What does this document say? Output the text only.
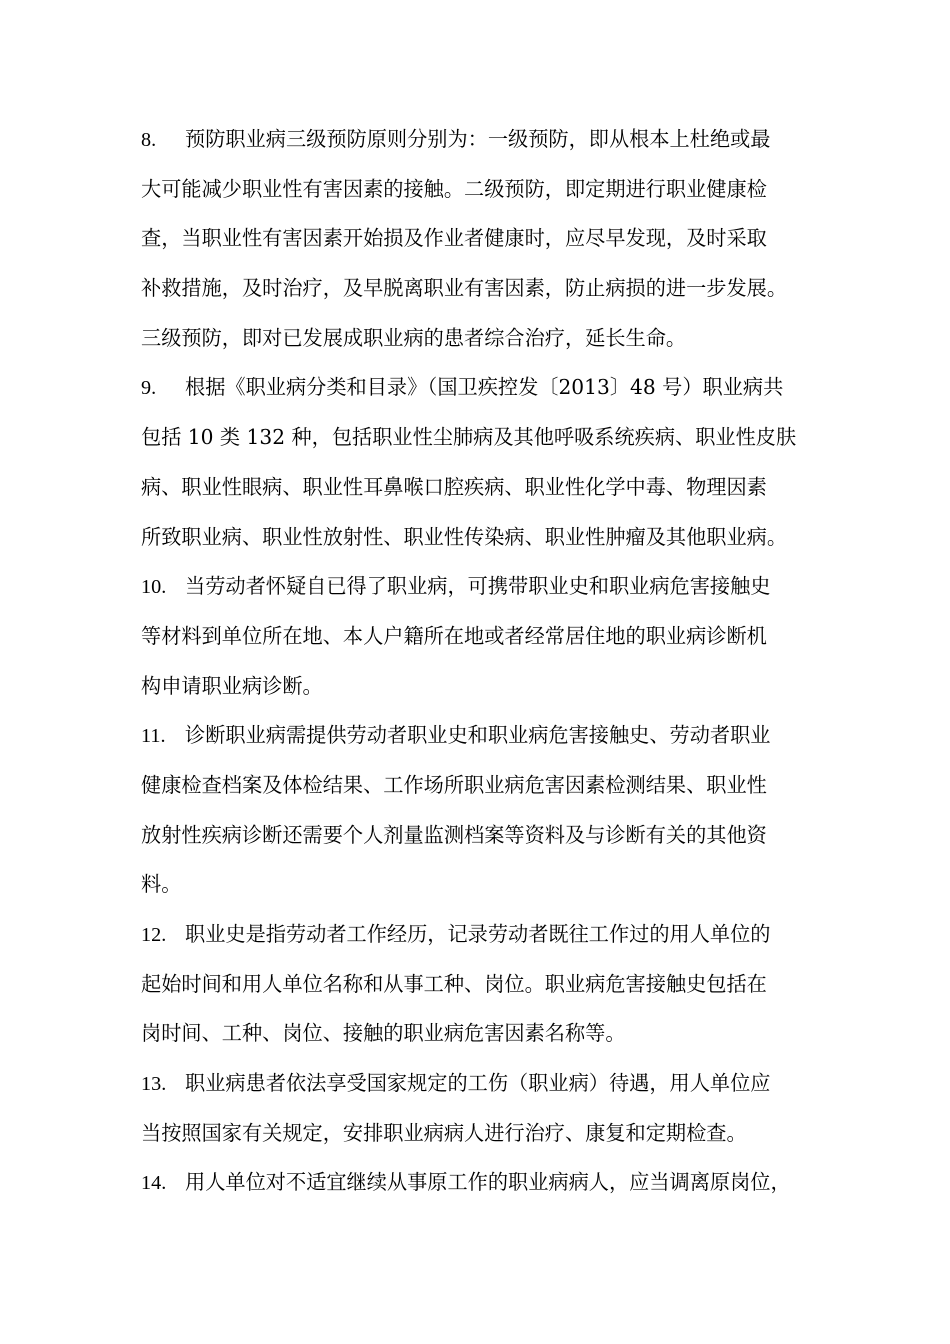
8. 预防职业病三级预防原则分别为：一级预防，即从根本上杜绝或最
大可能减少职业性有害因素的接触。二级预防，即定期进行职业健康检
查，当职业性有害因素开始损及作业者健康时，应尽早发现，及时采取
补救措施，及时治疗，及早脱离职业有害因素，防止病损的进一步发展。
三级预防，即对已发展成职业病的患者综合治疗，延长生命。
9. 根据《职业病分类和目录》（国卫疾控发〔2013〕48 号）职业病共
包括 10 类 132 种，包括职业性尘肺病及其他呼吸系统疾病、职业性皮肤
病、职业性眼病、职业性耳鼻喉口腔疾病、职业性化学中毒、物理因素
所致职业病、职业性放射性、职业性传染病、职业性肿瘤及其他职业病。
10. 当劳动者怀疑自已得了职业病，可携带职业史和职业病危害接触史
等材料到单位所在地、本人户籍所在地或者经常居住地的职业病诊断机
构申请职业病诊断。
11. 诊断职业病需提供劳动者职业史和职业病危害接触史、劳动者职业
健康检查档案及体检结果、工作场所职业病危害因素检测结果、职业性
放射性疾病诊断还需要个人剂量监测档案等资料及与诊断有关的其他资
料。
12. 职业史是指劳动者工作经历，记录劳动者既往工作过的用人单位的
起始时间和用人单位名称和从事工种、岗位。职业病危害接触史包括在
岗时间、工种、岗位、接触的职业病危害因素名称等。
13. 职业病患者依法享受国家规定的工伤（职业病）待遇，用人单位应
当按照国家有关规定，安排职业病病人进行治疗、康复和定期检查。
14. 用人单位对不适宜继续从事原工作的职业病病人，应当调离原岗位，
